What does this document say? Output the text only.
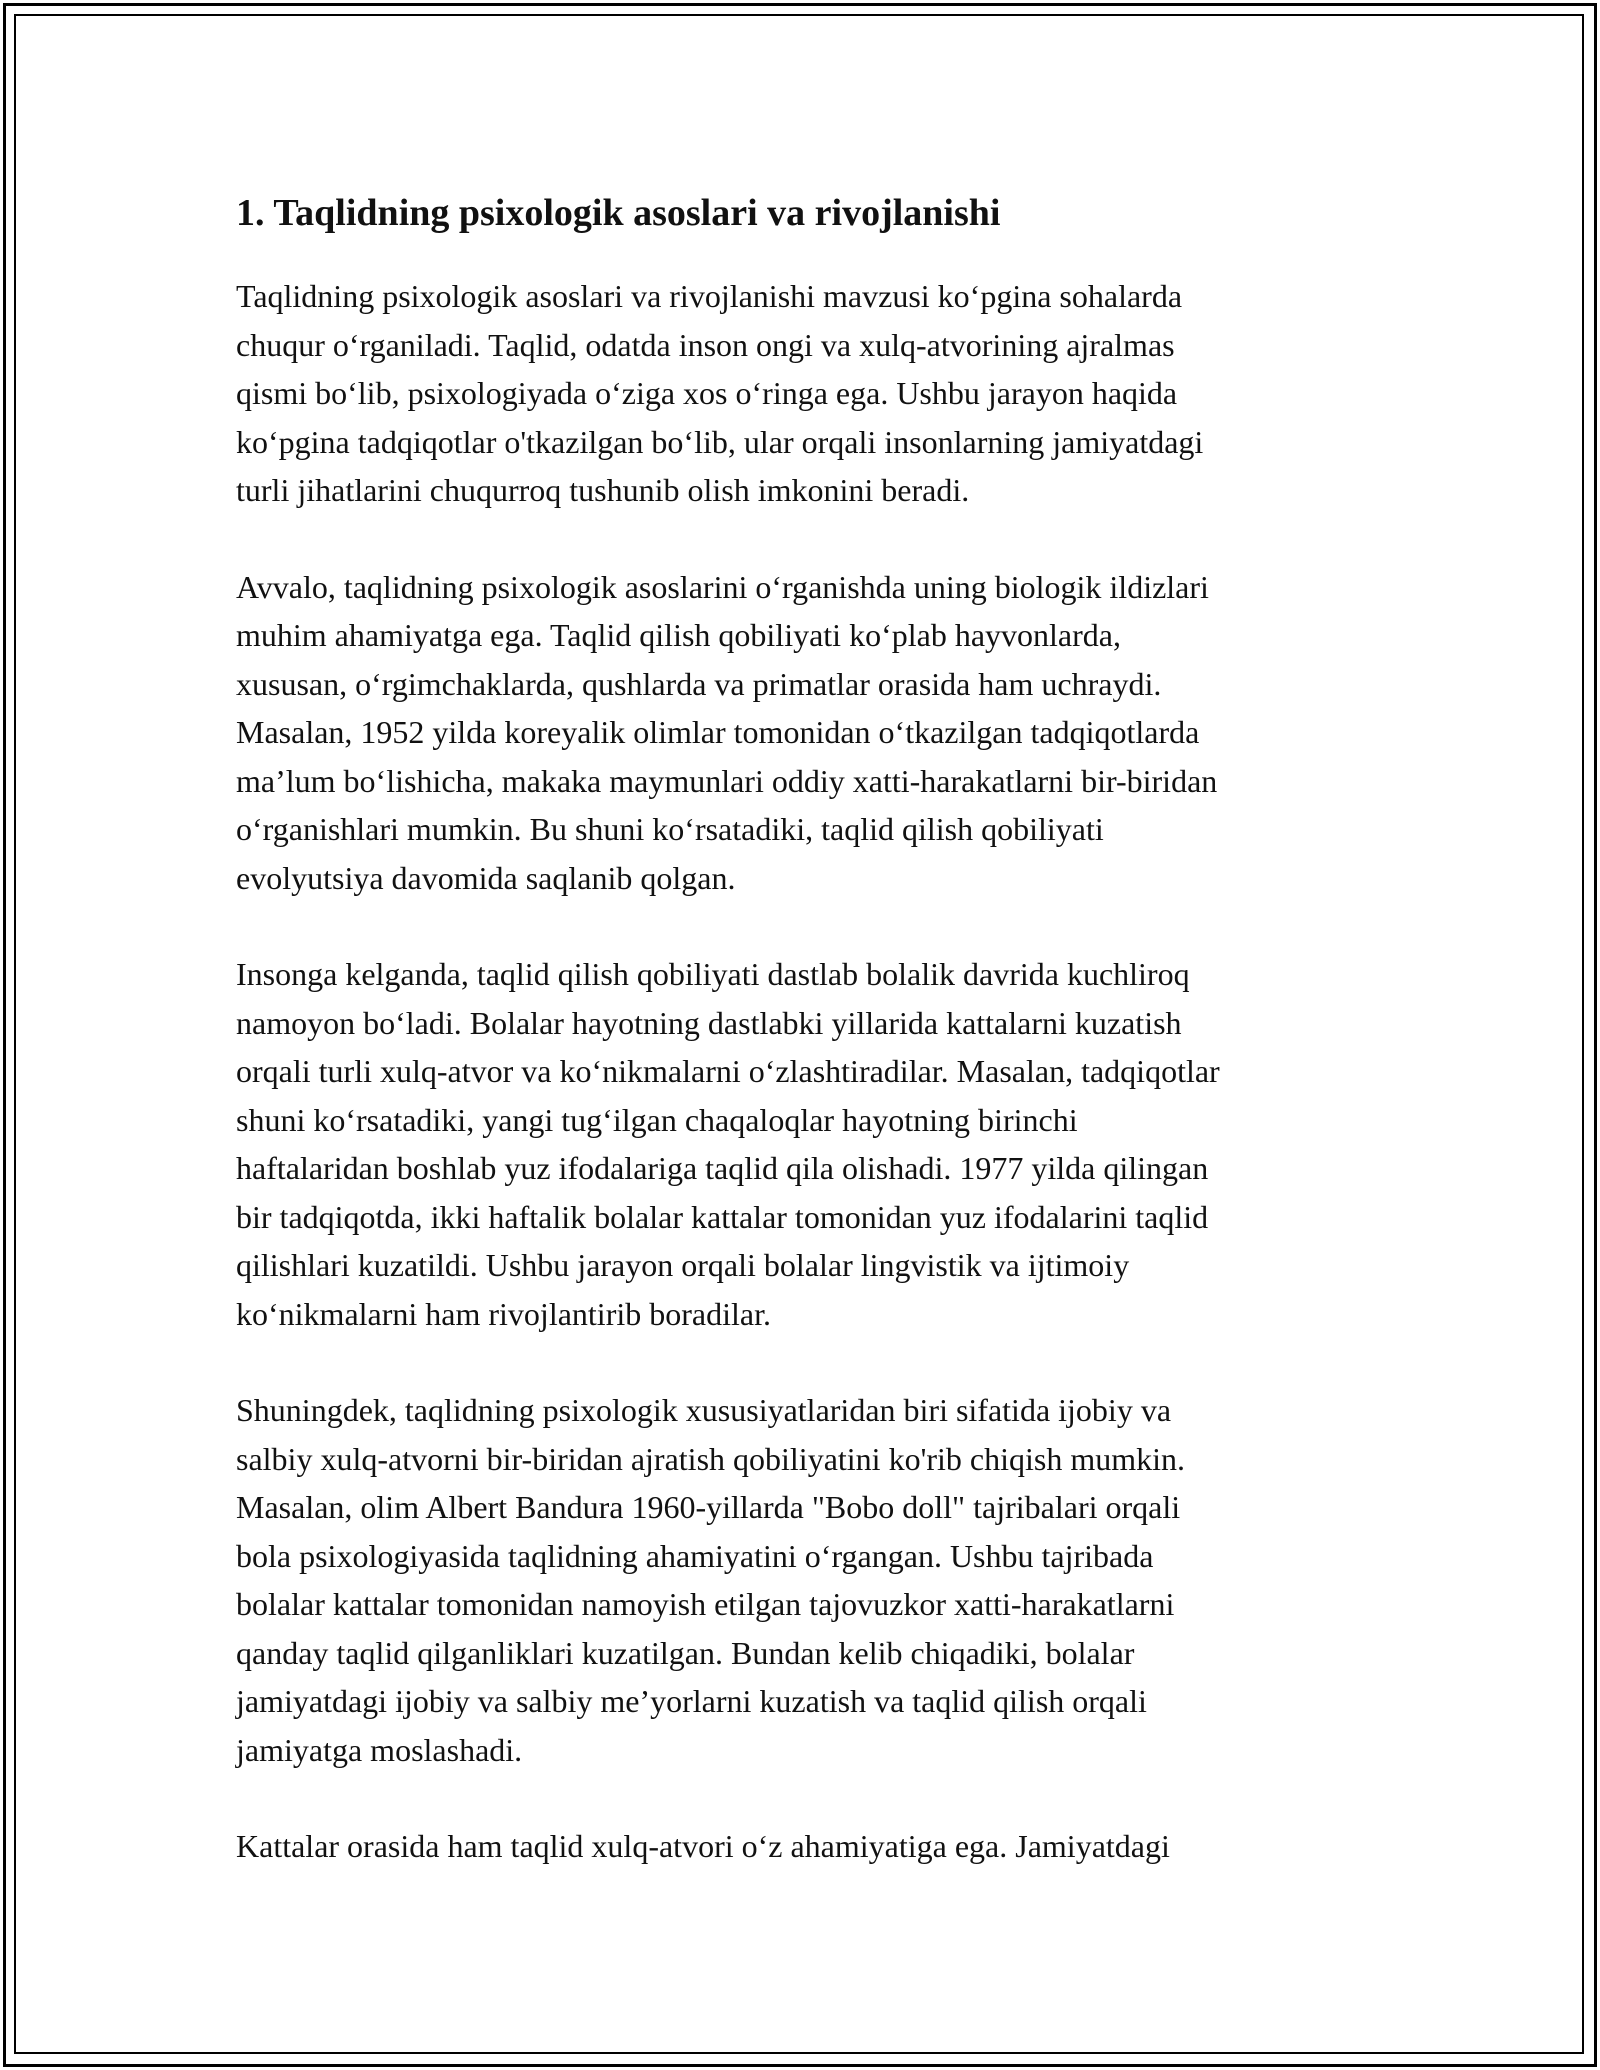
1. Taqlidning psixologik asoslari va rivojlanishi

Taqlidning psixologik asoslari va rivojlanishi mavzusi koʻpgina sohalarda
chuqur oʻrganiladi. Taqlid, odatda inson ongi va xulq-atvorining ajralmas
qismi boʻlib, psixologiyada oʻziga xos oʻringa ega. Ushbu jarayon haqida
koʻpgina tadqiqotlar o'tkazilgan boʻlib, ular orqali insonlarning jamiyatdagi
turli jihatlarini chuqurroq tushunib olish imkonini beradi.

Avvalo, taqlidning psixologik asoslarini oʻrganishda uning biologik ildizlari
muhim ahamiyatga ega. Taqlid qilish qobiliyati koʻplab hayvonlarda,
xususan, oʻrgimchaklarda, qushlarda va primatlar orasida ham uchraydi.
Masalan, 1952 yilda koreyalik olimlar tomonidan oʻtkazilgan tadqiqotlarda
maʼlum boʻlishicha, makaka maymunlari oddiy xatti-harakatlarni bir-biridan
oʻrganishlari mumkin. Bu shuni koʻrsatadiki, taqlid qilish qobiliyati
evolyutsiya davomida saqlanib qolgan.

Insonga kelganda, taqlid qilish qobiliyati dastlab bolalik davrida kuchliroq
namoyon boʻladi. Bolalar hayotning dastlabki yillarida kattalarni kuzatish
orqali turli xulq-atvor va koʻnikmalarni oʻzlashtiradilar. Masalan, tadqiqotlar
shuni koʻrsatadiki, yangi tugʻilgan chaqaloqlar hayotning birinchi
haftalaridan boshlab yuz ifodalariga taqlid qila olishadi. 1977 yilda qilingan
bir tadqiqotda, ikki haftalik bolalar kattalar tomonidan yuz ifodalarini taqlid
qilishlari kuzatildi. Ushbu jarayon orqali bolalar lingvistik va ijtimoiy
koʻnikmalarni ham rivojlantirib boradilar.

Shuningdek, taqlidning psixologik xususiyatlaridan biri sifatida ijobiy va
salbiy xulq-atvorni bir-biridan ajratish qobiliyatini ko'rib chiqish mumkin.
Masalan, olim Albert Bandura 1960-yillarda "Bobo doll" tajribalari orqali
bola psixologiyasida taqlidning ahamiyatini oʻrgangan. Ushbu tajribada
bolalar kattalar tomonidan namoyish etilgan tajovuzkor xatti-harakatlarni
qanday taqlid qilganliklari kuzatilgan. Bundan kelib chiqadiki, bolalar
jamiyatdagi ijobiy va salbiy meʼyorlarni kuzatish va taqlid qilish orqali
jamiyatga moslashadi.

Kattalar orasida ham taqlid xulq-atvori oʻz ahamiyatiga ega. Jamiyatdagi
